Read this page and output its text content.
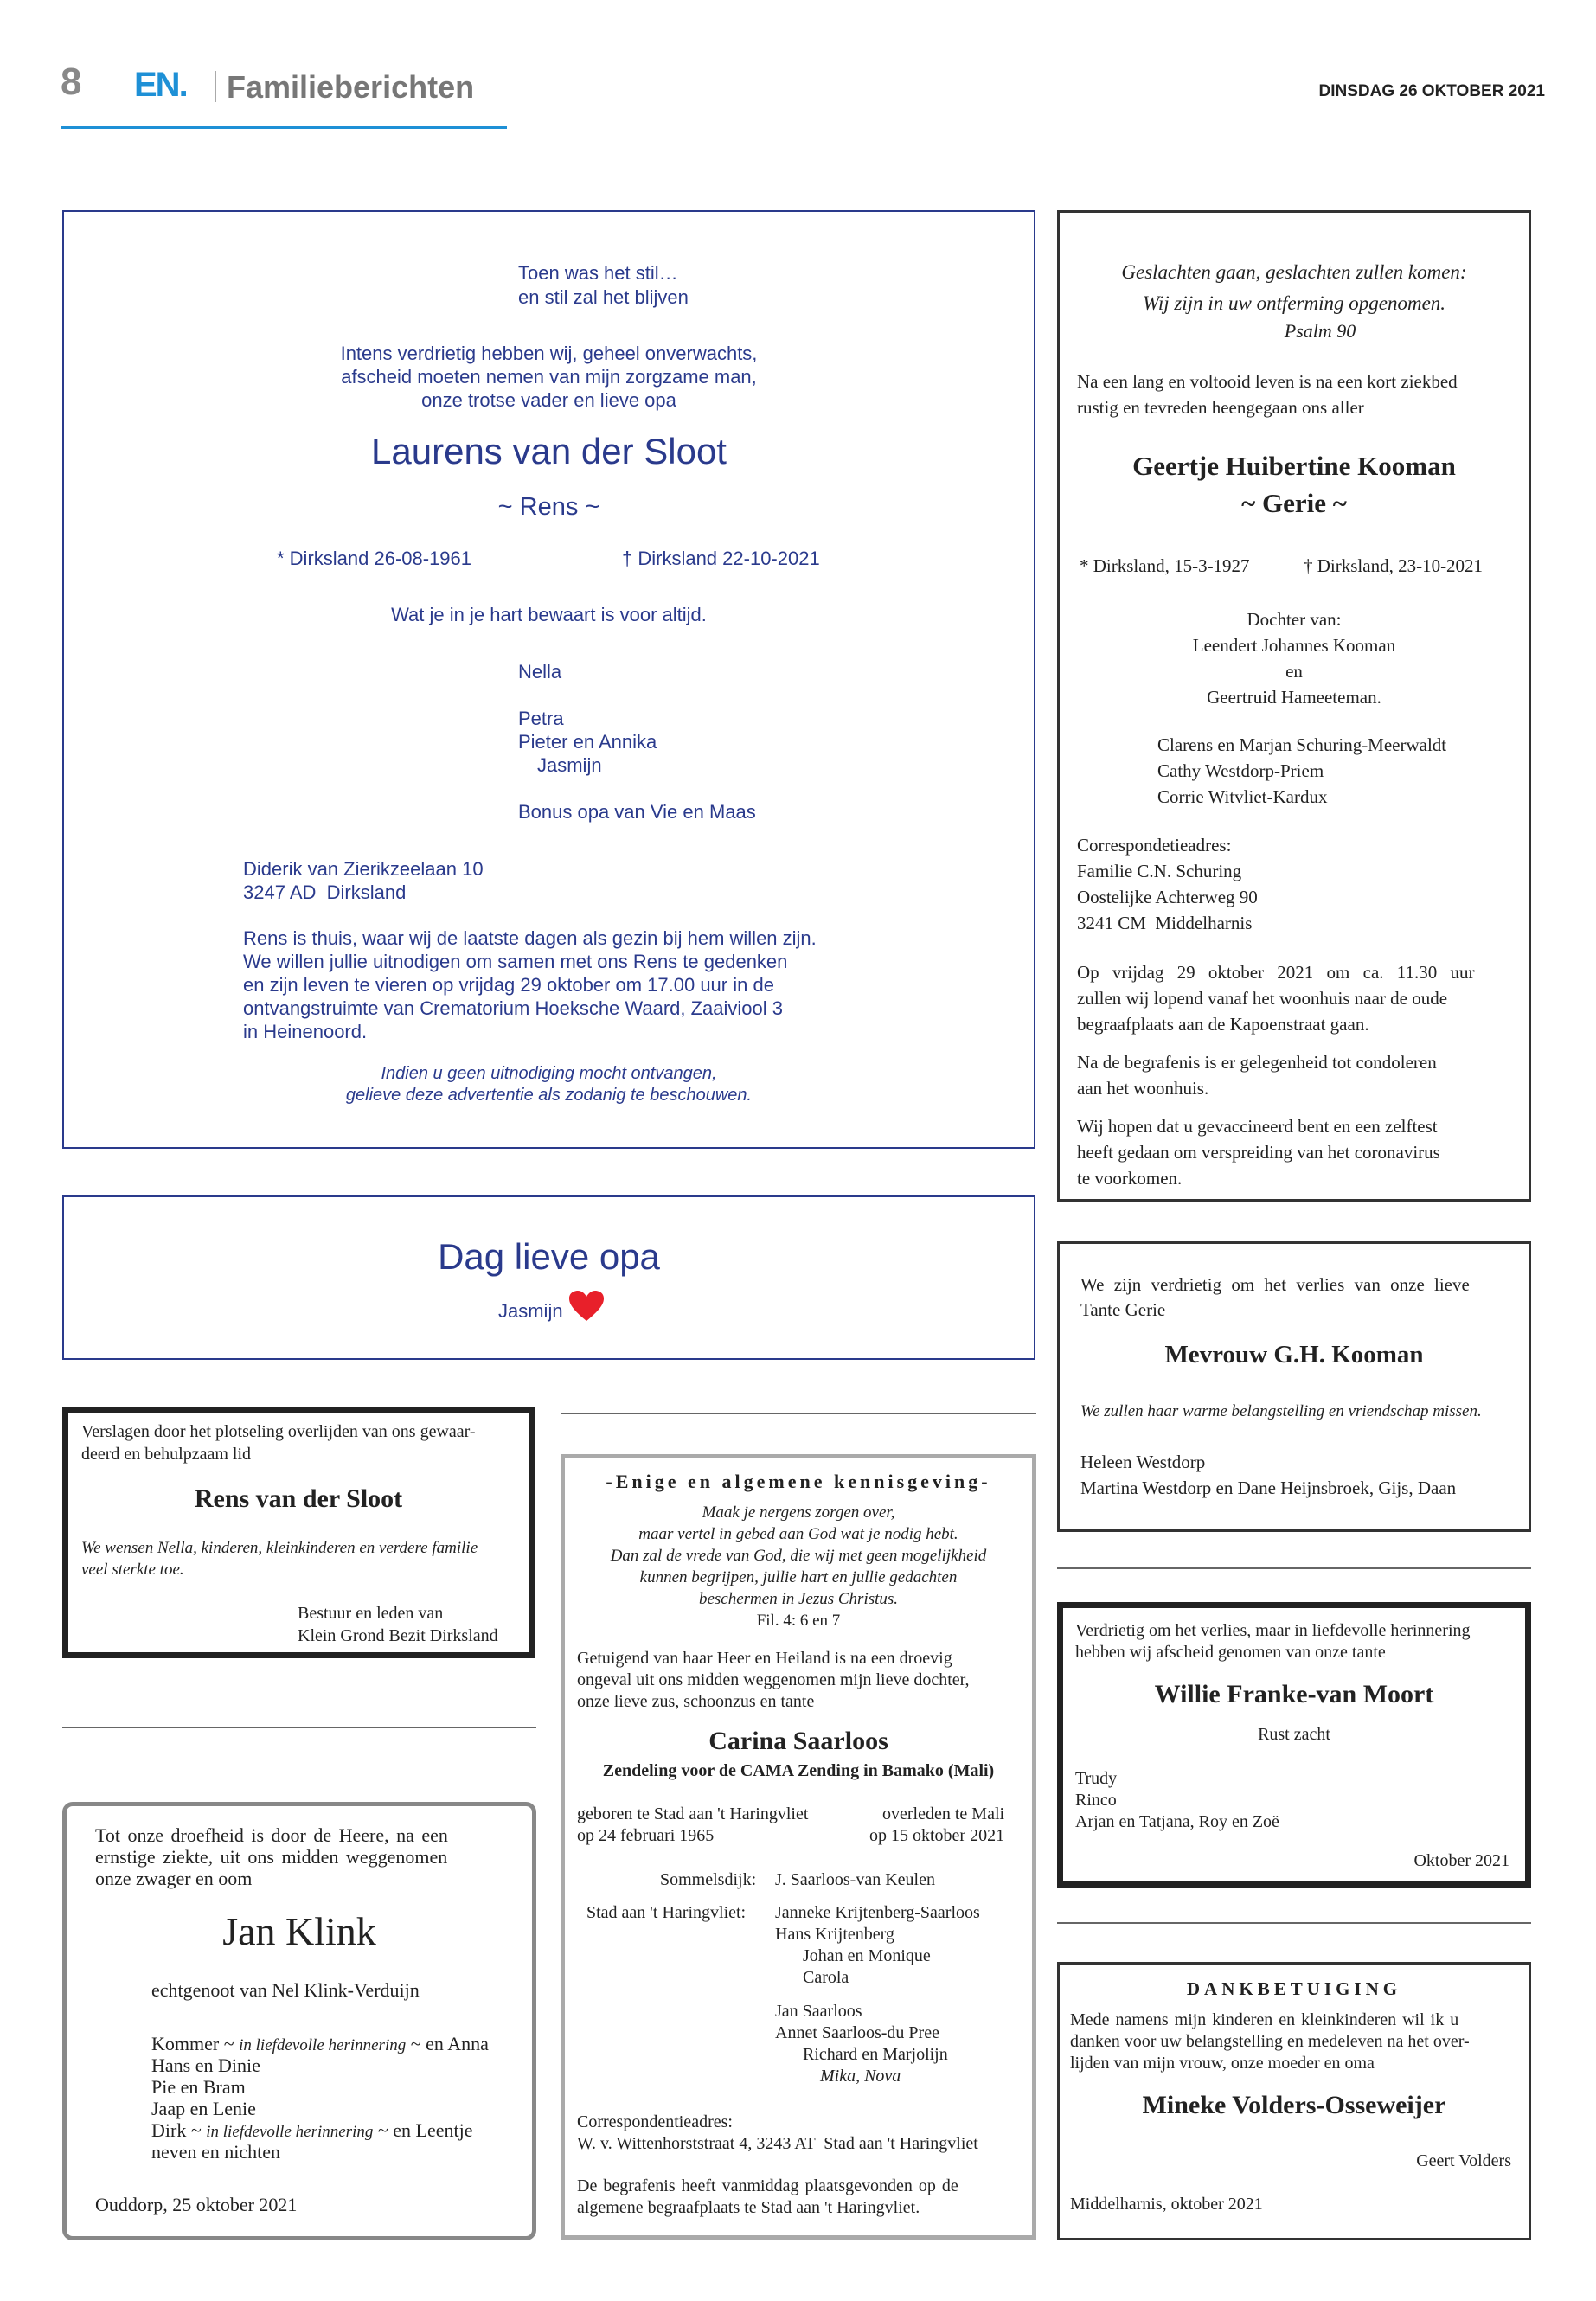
8 EN. Familieberichten	DINSDAG 26 OKTOBER 2021
Toen was het stil…
en stil zal het blijven
Intens verdrietig hebben wij, geheel onverwachts,
afscheid moeten nemen van mijn zorgzame man,
onze trotse vader en lieve opa
Laurens van der Sloot
~ Rens ~
* Dirksland 26-08-1961	† Dirksland 22-10-2021
Wat je in je hart bewaart is voor altijd.
Nella
Petra
Pieter en Annika
Jasmijn
Bonus opa van Vie en Maas
Diderik van Zierikzeelaan 10
3247 AD  Dirksland
Rens is thuis, waar wij de laatste dagen als gezin bij hem willen zijn.
We willen jullie uitnodigen om samen met ons Rens te gedenken
en zijn leven te vieren op vrijdag 29 oktober om 17.00 uur in de
ontvangstruimte van Crematorium Hoeksche Waard, Zaaiviool 3
in Heinenoord.
Indien u geen uitnodiging mocht ontvangen,
gelieve deze advertentie als zodanig te beschouwen.
Dag lieve opa
Jasmijn
Geslachten gaan, geslachten zullen komen:
Wij zijn in uw ontferming opgenomen.
Psalm 90
Na een lang en voltooid leven is na een kort ziekbed
rustig en tevreden heengegaan ons aller
Geertje Huibertine Kooman
~ Gerie ~
* Dirksland, 15-3-1927	† Dirksland, 23-10-2021
Dochter van:
Leendert Johannes Kooman
en
Geertruid Hameeteman.
Clarens en Marjan Schuring-Meerwaldt
Cathy Westdorp-Priem
Corrie Witvliet-Kardux
Correspondetieadres:
Familie C.N. Schuring
Oostelijke Achterweg 90
3241 CM  Middelharnis
Op vrijdag 29 oktober 2021 om ca. 11.30 uur
zullen wij lopend vanaf het woonhuis naar de oude
begraafplaats aan de Kapoenstraat gaan.
Na de begrafenis is er gelegenheid tot condoleren
aan het woonhuis.
Wij hopen dat u gevaccineerd bent en een zelftest
heeft gedaan om verspreiding van het coronavirus
te voorkomen.
Verslagen door het plotseling overlijden van ons gewaar-
deerd en behulpzaam lid
Rens van der Sloot
We wensen Nella, kinderen, kleinkinderen en verdere familie
veel sterkte toe.
Bestuur en leden van
Klein Grond Bezit Dirksland
Tot onze droefheid is door de Heere, na een
ernstige ziekte, uit ons midden weggenomen
onze zwager en oom
Jan Klink
echtgenoot van Nel Klink-Verduijn
Kommer ~ in liefdevolle herinnering ~ en Anna
Hans en Dinie
Pie en Bram
Jaap en Lenie
Dirk ~ in liefdevolle herinnering ~ en Leentje
neven en nichten
Ouddorp, 25 oktober 2021
-Enige en algemene kennisgeving-
Maak je nergens zorgen over,
maar vertel in gebed aan God wat je nodig hebt.
Dan zal de vrede van God, die wij met geen mogelijkheid
kunnen begrijpen, jullie hart en jullie gedachten
beschermen in Jezus Christus.
Fil. 4: 6 en 7
Getuigend van haar Heer en Heiland is na een droevig
ongeval uit ons midden weggenomen mijn lieve dochter,
onze lieve zus, schoonzus en tante
Carina Saarloos
Zendeling voor de CAMA Zending in Bamako (Mali)
geboren te Stad aan 't Haringvliet
op 24 februari 1965
overleden te Mali
op 15 oktober 2021
Sommelsdijk: J. Saarloos-van Keulen
Stad aan 't Haringvliet: Janneke Krijtenberg-Saarloos
Hans Krijtenberg
Johan en Monique
Carola
Jan Saarloos
Annet Saarloos-du Pree
Richard en Marjolijn
Mika, Nova
Correspondentieadres:
W. v. Wittenhorststraat 4, 3243 AT  Stad aan 't Haringvliet
De begrafenis heeft vanmiddag plaatsgevonden op de
algemene begraafplaats te Stad aan 't Haringvliet.
We zijn verdrietig om het verlies van onze lieve
Tante Gerie
Mevrouw G.H. Kooman
We zullen haar warme belangstelling en vriendschap missen.
Heleen Westdorp
Martina Westdorp en Dane Heijnsbroek, Gijs, Daan
Verdrietig om het verlies, maar in liefdevolle herinnering
hebben wij afscheid genomen van onze tante
Willie Franke-van Moort
Rust zacht
Trudy
Rinco
Arjan en Tatjana, Roy en Zoë
Oktober 2021
DANKBETUIGING
Mede namens mijn kinderen en kleinkinderen wil ik u
danken voor uw belangstelling en medeleven na het over-
lijden van mijn vrouw, onze moeder en oma
Mineke Volders-Osseweijer
Geert Volders
Middelharnis, oktober 2021
